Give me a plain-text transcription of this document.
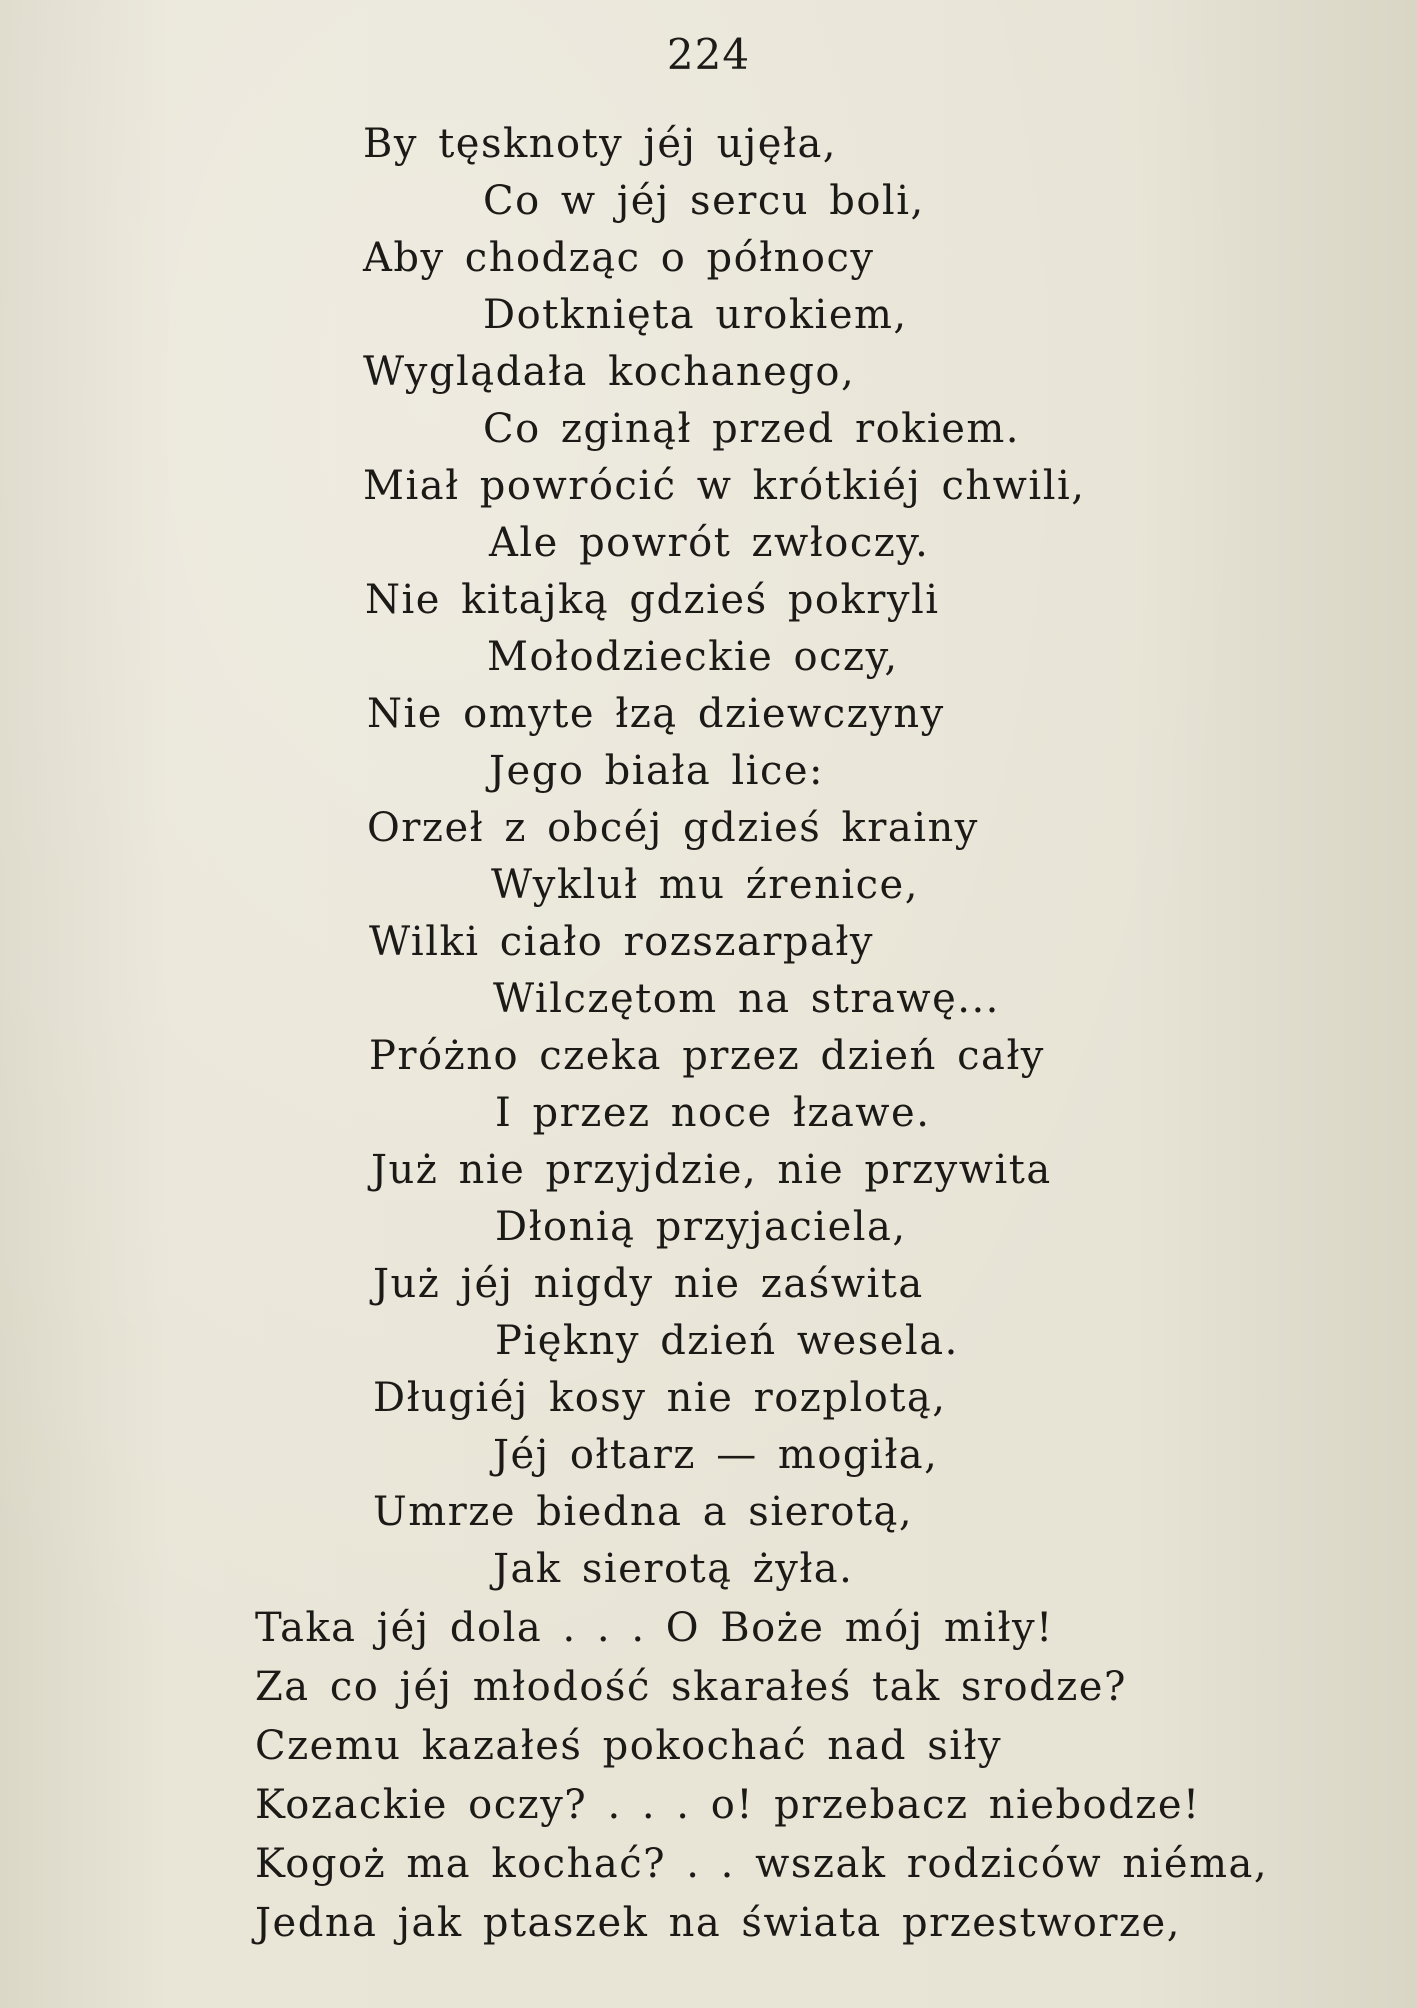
224
By tęsknoty jéj ujęła,
Co w jéj sercu boli,
Aby chodząc o północy
Dotknięta urokiem,
Wyglądała kochanego,
Co zginął przed rokiem.
Miał powrócić w krótkiéj chwili,
Ale powrót zwłoczy.
Nie kitajką gdzieś pokryli
Mołodzieckie oczy,
Nie omyte łzą dziewczyny
Jego biała lice:
Orzeł z obcéj gdzieś krainy
Wykluł mu źrenice,
Wilki ciało rozszarpały
Wilczętom na strawę...
Próżno czeka przez dzień cały
I przez noce łzawe.
Już nie przyjdzie, nie przywita
Dłonią przyjaciela,
Już jéj nigdy nie zaświta
Piękny dzień wesela.
Długiéj kosy nie rozplotą,
Jéj ołtarz — mogiła,
Umrze biedna a sierotą,
Jak sierotą żyła.
Taka jéj dola . . . O Boże mój miły!
Za co jéj młodość skarałeś tak srodze?
Czemu kazałeś pokochać nad siły
Kozackie oczy? . . . o! przebacz niebodze!
Kogoż ma kochać? . . wszak rodziców niéma,
Jedna jak ptaszek na świata przestworze,
